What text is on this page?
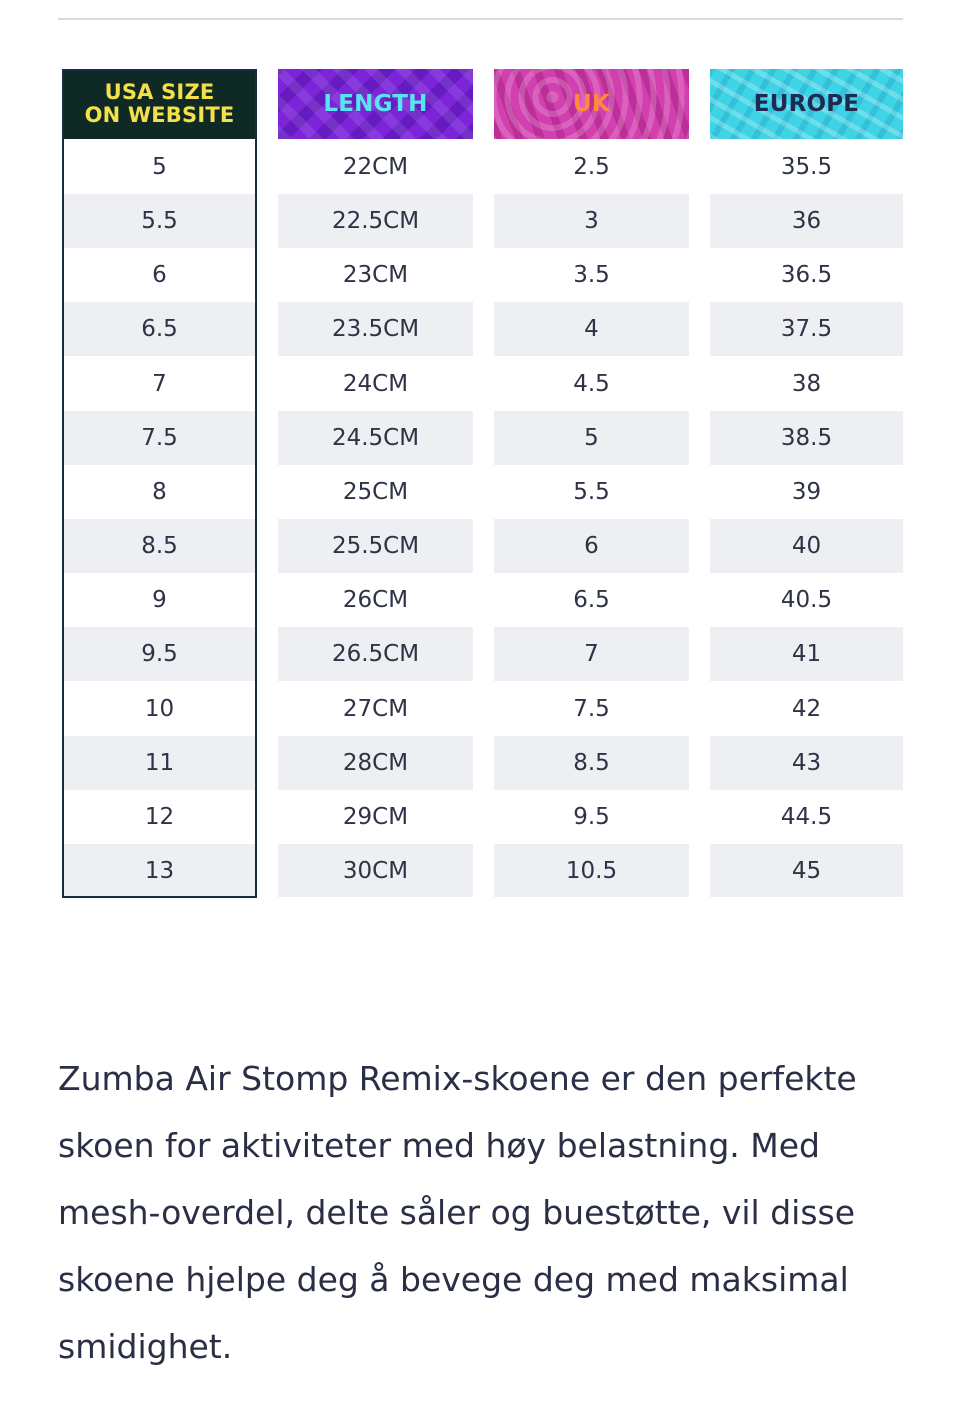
USA SIZE
ON WEBSITE	LENGTH	UK	EUROPE
5	22CM	2.5	35.5
5.5	22.5CM	3	36
6	23CM	3.5	36.5
6.5	23.5CM	4	37.5
7	24CM	4.5	38
7.5	24.5CM	5	38.5
8	25CM	5.5	39
8.5	25.5CM	6	40
9	26CM	6.5	40.5
9.5	26.5CM	7	41
10	27CM	7.5	42
11	28CM	8.5	43
12	29CM	9.5	44.5
13	30CM	10.5	45

Zumba Air Stomp Remix-skoene er den perfekte skoen for aktiviteter med høy belastning. Med mesh-overdel, delte såler og buestøtte, vil disse skoene hjelpe deg å bevege deg med maksimal smidighet.
